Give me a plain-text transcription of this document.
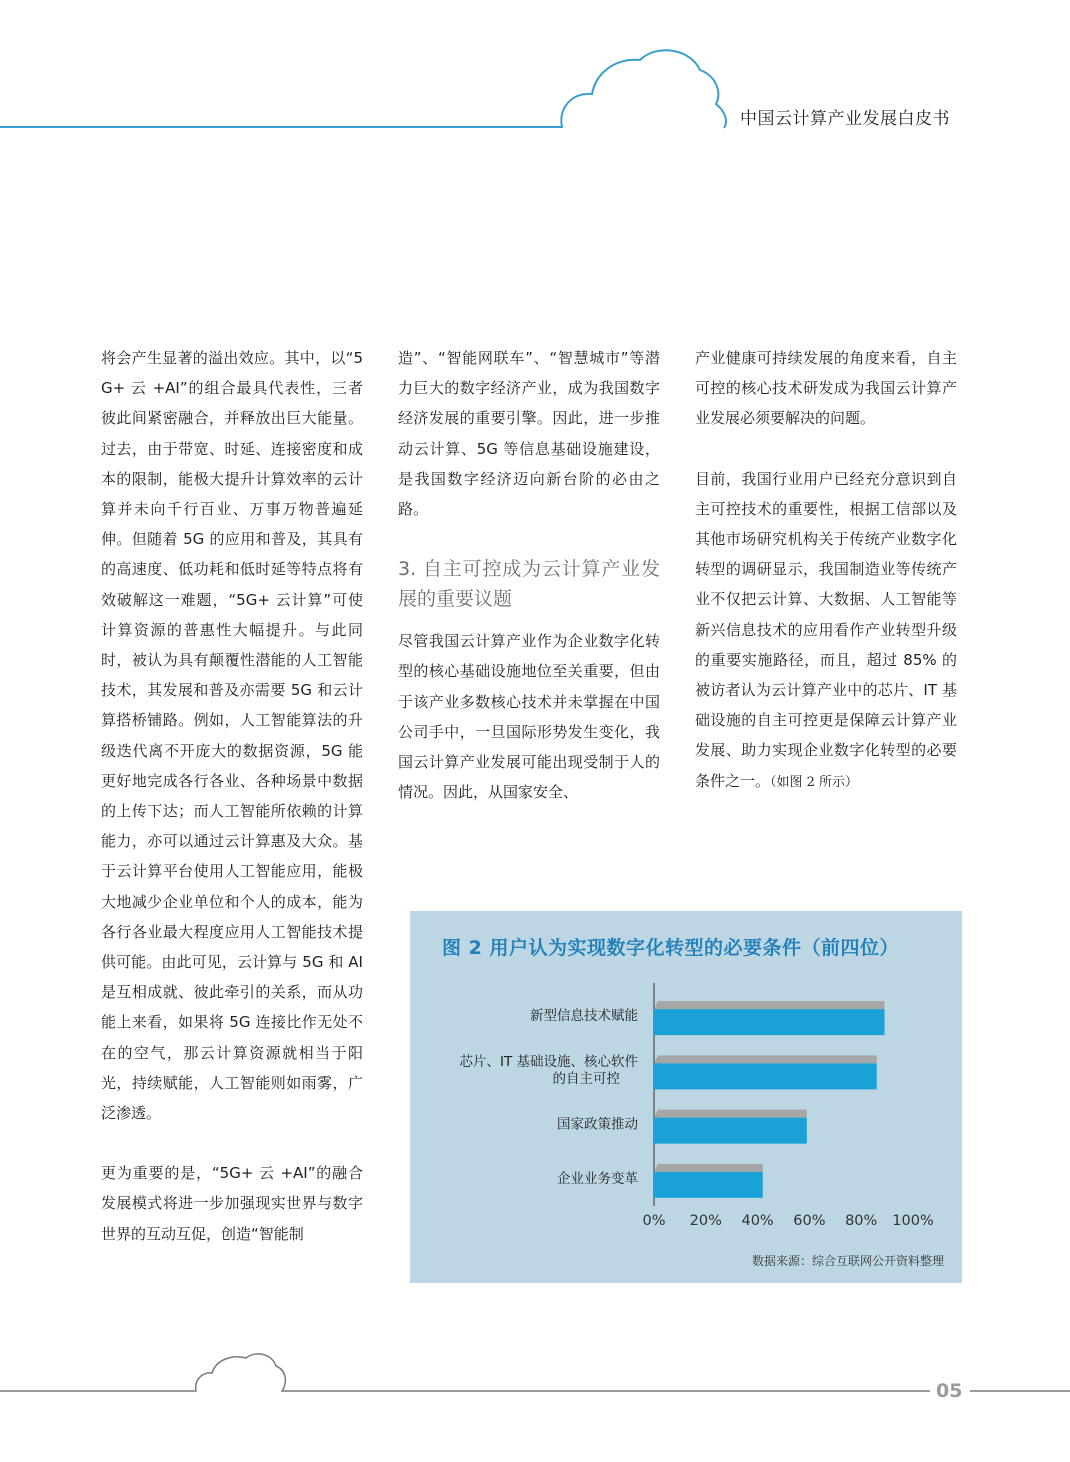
中国云计算产业发展白皮书

将会产生显著的溢出效应。其中，以“5G+ 云 +AI”的组合最具代表性，三者彼此间紧密融合，并释放出巨大能量。过去，由于带宽、时延、连接密度和成本的限制，能极大提升计算效率的云计算并未向千行百业、万事万物普遍延伸。但随着 5G 的应用和普及，其具有的高速度、低功耗和低时延等特点将有效破解这一难题，“5G+ 云计算”可使计算资源的普惠性大幅提升。与此同时，被认为具有颠覆性潜能的人工智能技术，其发展和普及亦需要 5G 和云计算搭桥铺路。例如，人工智能算法的升级迭代离不开庞大的数据资源，5G 能更好地完成各行各业、各种场景中数据的上传下达；而人工智能所依赖的计算能力，亦可以通过云计算惠及大众。基于云计算平台使用人工智能应用，能极大地减少企业单位和个人的成本，能为各行各业最大程度应用人工智能技术提供可能。由此可见，云计算与 5G 和 AI 是互相成就、彼此牵引的关系，而从功能上来看，如果将 5G 连接比作无处不在的空气，那云计算资源就相当于阳光，持续赋能，人工智能则如雨雾，广泛渗透。

更为重要的是，“5G+ 云 +AI”的融合发展模式将进一步加强现实世界与数字世界的互动互促，创造“智能制

造”、“智能网联车”、“智慧城市”等潜力巨大的数字经济产业，成为我国数字经济发展的重要引擎。因此，进一步推动云计算、5G 等信息基础设施建设，是我国数字经济迈向新台阶的必由之路。

3. 自主可控成为云计算产业发展的重要议题

尽管我国云计算产业作为企业数字化转型的核心基础设施地位至关重要，但由于该产业多数核心技术并未掌握在中国公司手中，一旦国际形势发生变化，我国云计算产业发展可能出现受制于人的情况。因此，从国家安全、

产业健康可持续发展的角度来看，自主可控的核心技术研发成为我国云计算产业发展必须要解决的问题。

目前，我国行业用户已经充分意识到自主可控技术的重要性，根据工信部以及其他市场研究机构关于传统产业数字化转型的调研显示，我国制造业等传统产业不仅把云计算、大数据、人工智能等新兴信息技术的应用看作产业转型升级的重要实施路径，而且，超过 85% 的被访者认为云计算产业中的芯片、IT 基础设施的自主可控更是保障云计算产业发展、助力实现企业数字化转型的必要条件之一。（如图 2 所示）

图 2 用户认为实现数字化转型的必要条件（前四位）
新型信息技术赋能
芯片、IT 基础设施、核心软件
的自主可控
国家政策推动
企业业务变革
0% 20% 40% 60% 80% 100%
数据来源：综合互联网公开资料整理
05
